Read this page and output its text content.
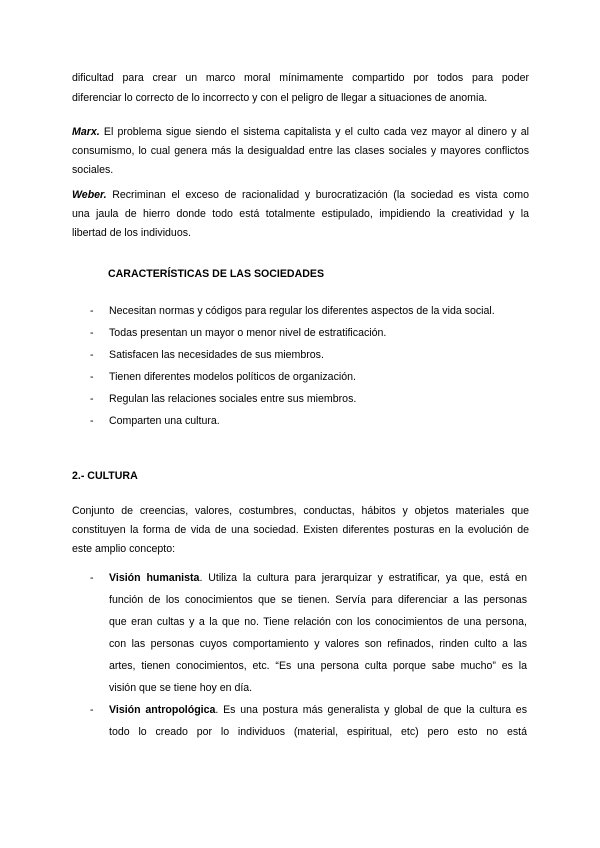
dificultad para crear un marco moral mínimamente compartido por todos para poder
diferenciar lo correcto de lo incorrecto y con el peligro de llegar a situaciones de anomia.
Marx. El problema sigue siendo el sistema capitalista y el culto cada vez mayor al dinero y al
consumismo, lo cual genera más la desigualdad entre las clases sociales y mayores conflictos
sociales.
Weber. Recriminan el exceso de racionalidad y burocratización (la sociedad es vista como
una jaula de hierro donde todo está totalmente estipulado, impidiendo la creatividad y la
libertad de los individuos.
CARACTERÍSTICAS DE LAS SOCIEDADES
- Necesitan normas y códigos para regular los diferentes aspectos de la vida social.
- Todas presentan un mayor o menor nivel de estratificación.
- Satisfacen las necesidades de sus miembros.
- Tienen diferentes modelos políticos de organización.
- Regulan las relaciones sociales entre sus miembros.
- Comparten una cultura.
2.- CULTURA
Conjunto de creencias, valores, costumbres, conductas, hábitos y objetos materiales que
constituyen la forma de vida de una sociedad. Existen diferentes posturas en la evolución de
este amplio concepto:
- Visión humanista. Utiliza la cultura para jerarquizar y estratificar, ya que, está en
función de los conocimientos que se tienen. Servía para diferenciar a las personas
que eran cultas y a la que no. Tiene relación con los conocimientos de una persona,
con las personas cuyos comportamiento y valores son refinados, rinden culto a las
artes, tienen conocimientos, etc. “Es una persona culta porque sabe mucho” es la
visión que se tiene hoy en día.
- Visión antropológica. Es una postura más generalista y global de que la cultura es
todo lo creado por lo individuos (material, espiritual, etc) pero esto no está
